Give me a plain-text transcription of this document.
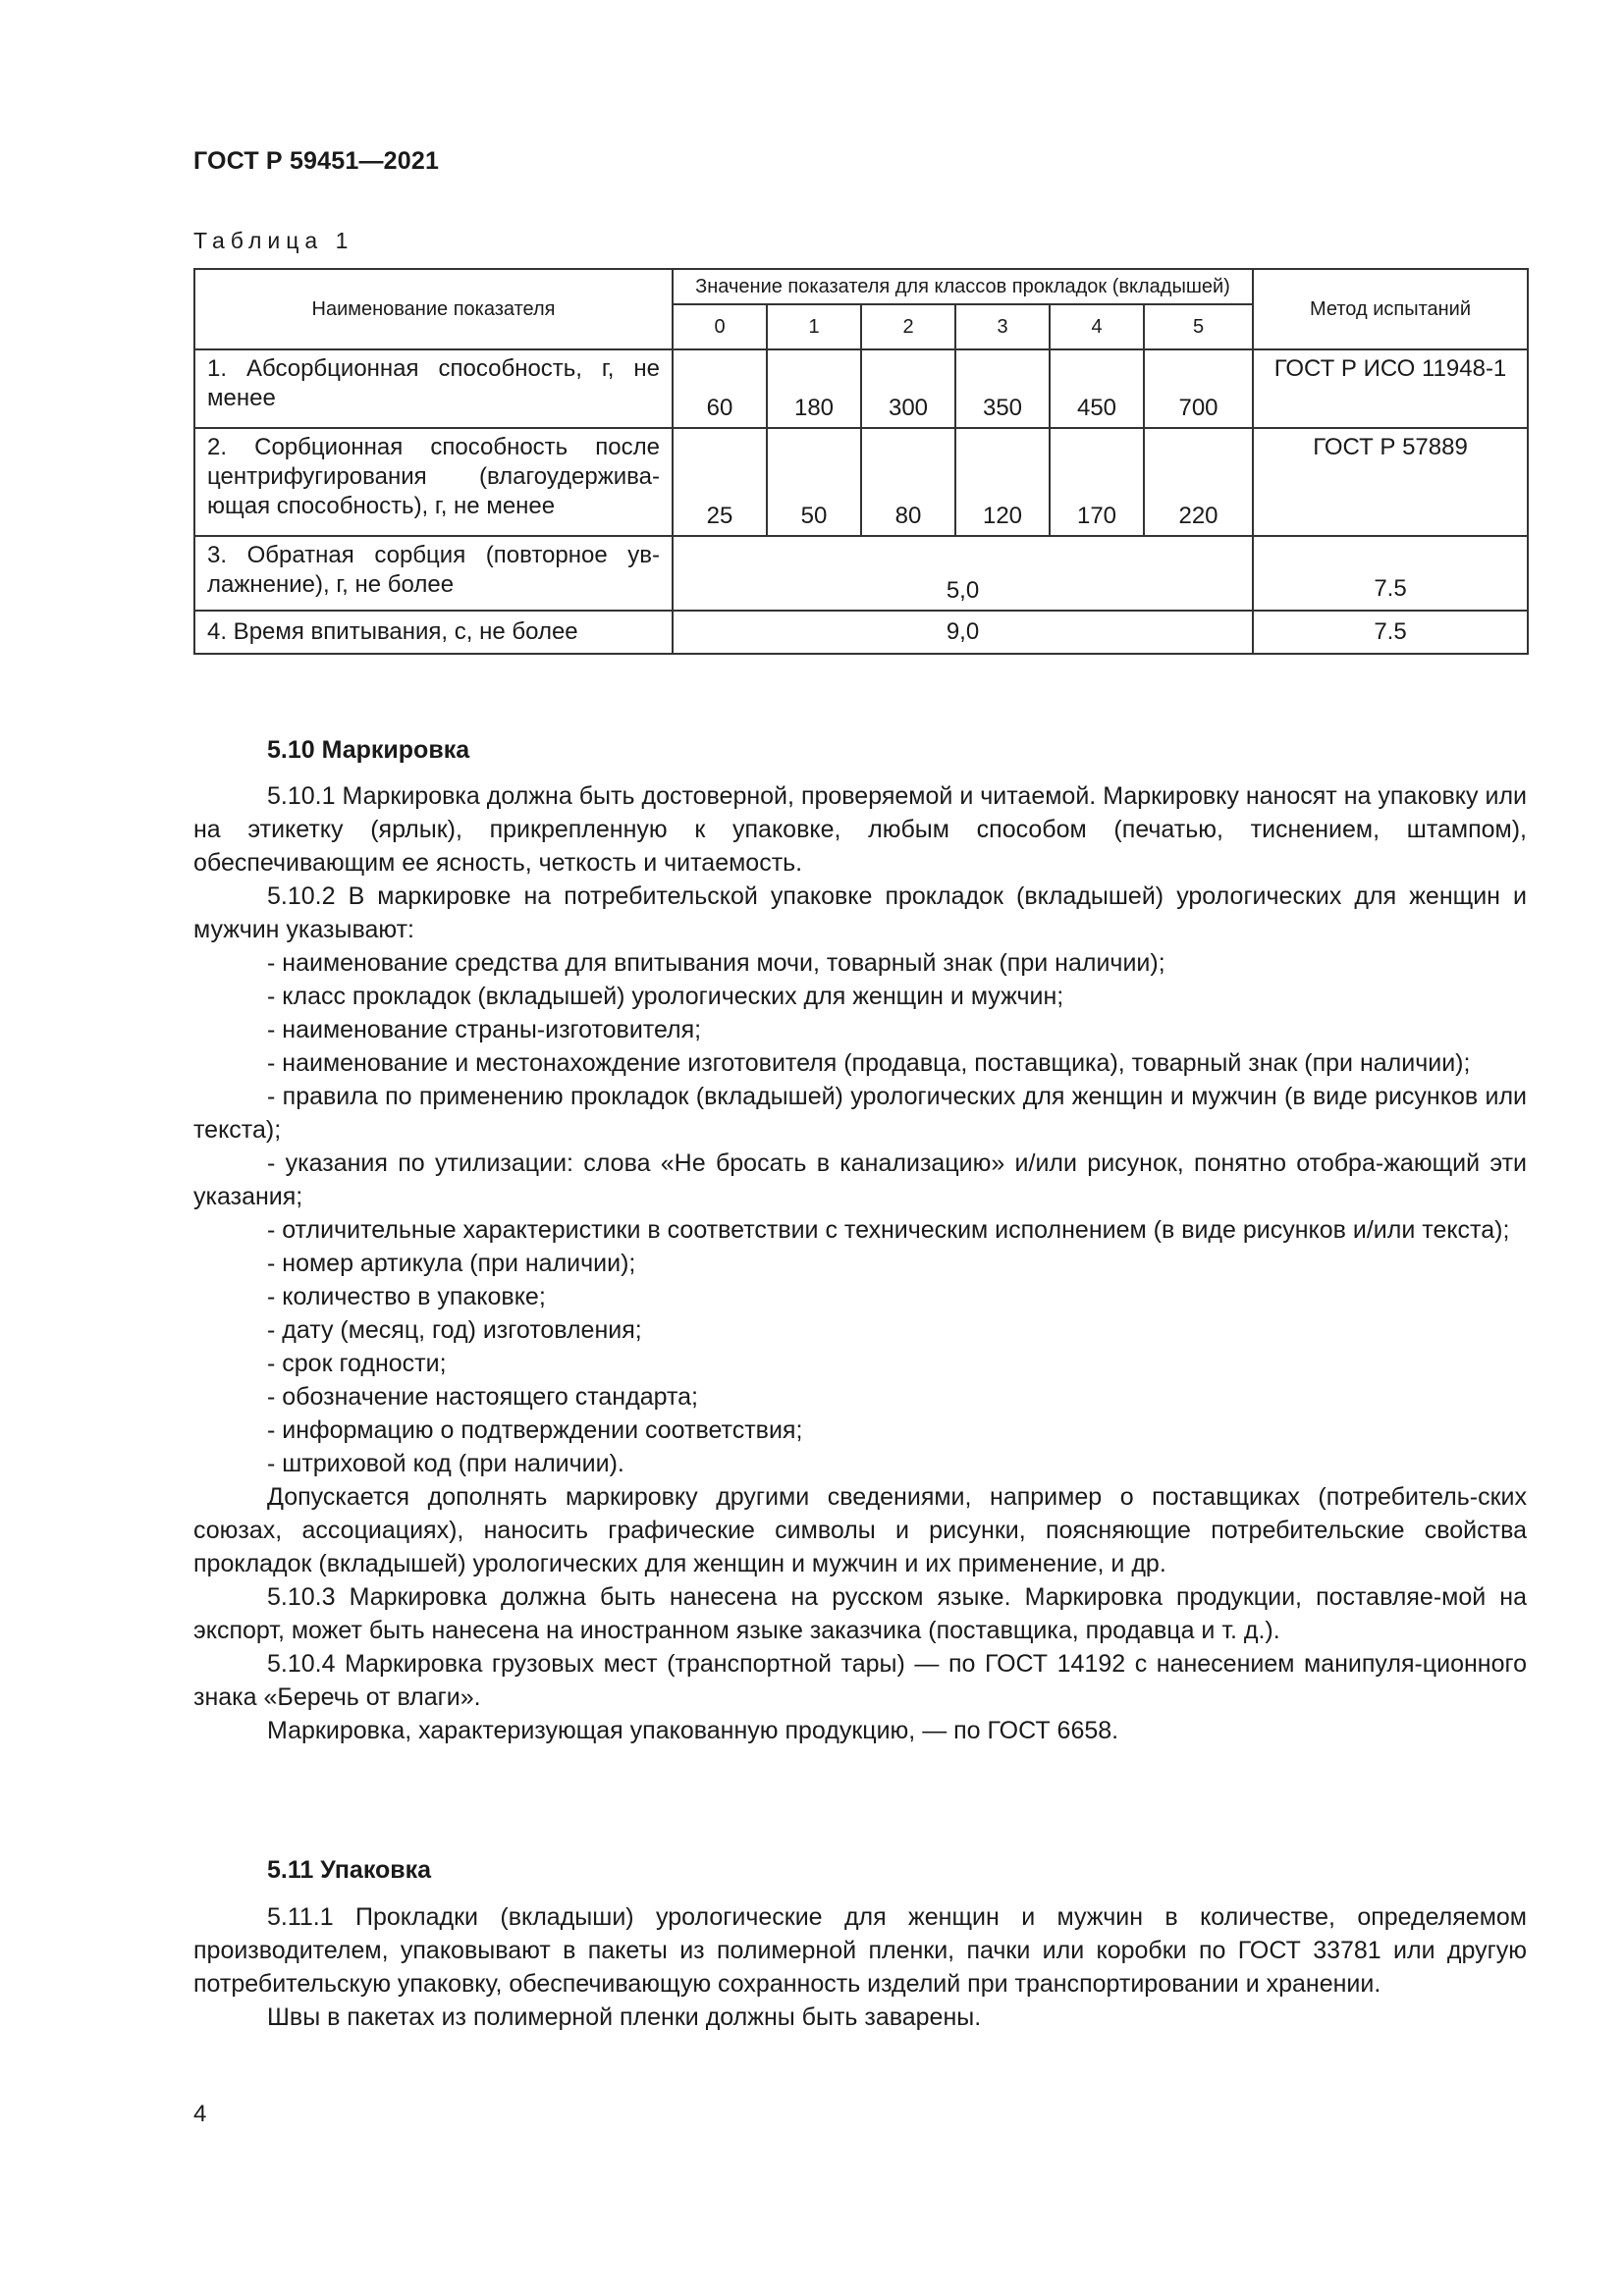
ГОСТ Р 59451—2021
Таблица 1
Наименование показателя	Значение показателя для классов прокладок (вкладышей)						Метод испытаний
	0	1	2	3	4	5	
1. Абсорбционная способность, г, не менее	60	180	300	350	450	700	ГОСТ Р ИСО 11948-1
2. Сорбционная способность после центрифугирования (влагоудержива-ющая способность), г, не менее	25	50	80	120	170	220	ГОСТ Р 57889
3. Обратная сорбция (повторное ув-лажнение), г, не более	5,0						7.5
4. Время впитывания, с, не более	9,0						7.5
5.10 Маркировка

5.10.1 Маркировка должна быть достоверной, проверяемой и читаемой. Маркировку наносят на упаковку или на этикетку (ярлык), прикрепленную к упаковке, любым способом (печатью, тиснением, штампом), обеспечивающим ее ясность, четкость и читаемость.

5.10.2 В маркировке на потребительской упаковке прокладок (вкладышей) урологических для женщин и мужчин указывают:

- наименование средства для впитывания мочи, товарный знак (при наличии);

- класс прокладок (вкладышей) урологических для женщин и мужчин;

- наименование страны-изготовителя;

- наименование и местонахождение изготовителя (продавца, поставщика), товарный знак (при наличии);

- правила по применению прокладок (вкладышей) урологических для женщин и мужчин (в виде рисунков или текста);

- указания по утилизации: слова «Не бросать в канализацию» и/или рисунок, понятно отобра-жающий эти указания;

- отличительные характеристики в соответствии с техническим исполнением (в виде рисунков и/или текста);

- номер артикула (при наличии);

- количество в упаковке;

- дату (месяц, год) изготовления;

- срок годности;

- обозначение настоящего стандарта;

- информацию о подтверждении соответствия;

- штриховой код (при наличии).

Допускается дополнять маркировку другими сведениями, например о поставщиках (потребитель-ских союзах, ассоциациях), наносить графические символы и рисунки, поясняющие потребительские свойства прокладок (вкладышей) урологических для женщин и мужчин и их применение, и др.

5.10.3 Маркировка должна быть нанесена на русском языке. Маркировка продукции, поставляе-мой на экспорт, может быть нанесена на иностранном языке заказчика (поставщика, продавца и т. д.).

5.10.4 Маркировка грузовых мест (транспортной тары) — по ГОСТ 14192 с нанесением манипуля-ционного знака «Беречь от влаги».

Маркировка, характеризующая упакованную продукцию, — по ГОСТ 6658.

5.11 Упаковка

5.11.1 Прокладки (вкладыши) урологические для женщин и мужчин в количестве, определяемом производителем, упаковывают в пакеты из полимерной пленки, пачки или коробки по ГОСТ 33781 или другую потребительскую упаковку, обеспечивающую сохранность изделий при транспортировании и хранении.

Швы в пакетах из полимерной пленки должны быть заварены.

4
